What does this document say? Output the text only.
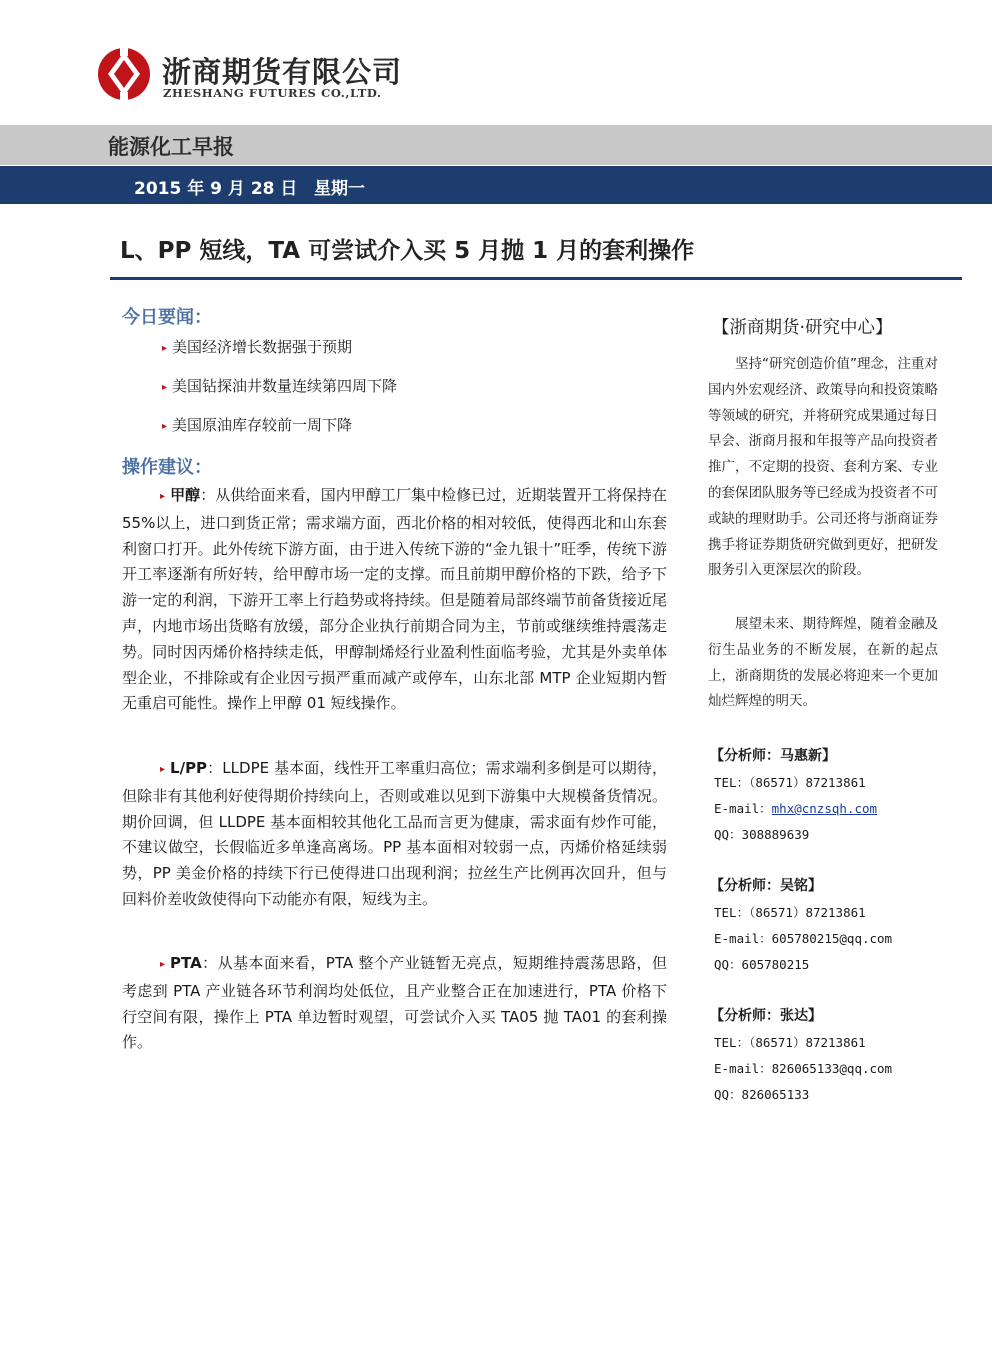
浙商期货有限公司
ZHESHANG FUTURES CO.,LTD.
能源化工早报
2015 年 9 月 28 日 星期一
L、PP 短线，TA 可尝试介入买 5 月抛 1 月的套利操作
今日要闻：
▸ 美国经济增长数据强于预期
▸ 美国钻探油井数量连续第四周下降
▸ 美国原油库存较前一周下降
操作建议：
▸ 甲醇：从供给面来看，国内甲醇工厂集中检修已过，近期装置开工将保持在 55%以上，进口到货正常；需求端方面，西北价格的相对较低，使得西北和山东套利窗口打开。此外传统下游方面，由于进入传统下游的“金九银十”旺季，传统下游开工率逐渐有所好转，给甲醇市场一定的支撑。而且前期甲醇价格的下跌，给予下游一定的利润，下游开工率上行趋势或将持续。但是随着局部终端节前备货接近尾声，内地市场出货略有放缓，部分企业执行前期合同为主，节前或继续维持震荡走势。同时因丙烯价格持续走低，甲醇制烯烃行业盈利性面临考验，尤其是外卖单体型企业，不排除或有企业因亏损严重而减产或停车，山东北部 MTP 企业短期内暂无重启可能性。操作上甲醇 01 短线操作。
▸ L/PP：LLDPE 基本面，线性开工率重归高位；需求端利多倒是可以期待，但除非有其他利好使得期价持续向上，否则或难以见到下游集中大规模备货情况。期价回调，但 LLDPE 基本面相较其他化工品而言更为健康，需求面有炒作可能，不建议做空，长假临近多单逢高离场。PP 基本面相对较弱一点，丙烯价格延续弱势，PP 美金价格的持续下行已使得进口出现利润；拉丝生产比例再次回升，但与回料价差收敛使得向下动能亦有限，短线为主。
▸ PTA：从基本面来看，PTA 整个产业链暂无亮点，短期维持震荡思路，但考虑到 PTA 产业链各环节利润均处低位，且产业整合正在加速进行，PTA 价格下行空间有限，操作上 PTA 单边暂时观望，可尝试介入买 TA05 抛 TA01 的套利操作。
【浙商期货·研究中心】
坚持“研究创造价值”理念，注重对国内外宏观经济、政策导向和投资策略等领域的研究，并将研究成果通过每日早会、浙商月报和年报等产品向投资者推广，不定期的投资、套利方案、专业的套保团队服务等已经成为投资者不可或缺的理财助手。公司还将与浙商证券携手将证券期货研究做到更好，把研发服务引入更深层次的阶段。
展望未来、期待辉煌，随着金融及衍生品业务的不断发展，在新的起点上，浙商期货的发展必将迎来一个更加灿烂辉煌的明天。
【分析师：马惠新】
TEL：（86571）87213861
E-mail：mhx@cnzsqh.com
QQ：308889639
【分析师：吴铭】
TEL：（86571）87213861
E-mail：605780215@qq.com
QQ：605780215
【分析师：张达】
TEL：（86571）87213861
E-mail：826065133@qq.com
QQ：826065133
